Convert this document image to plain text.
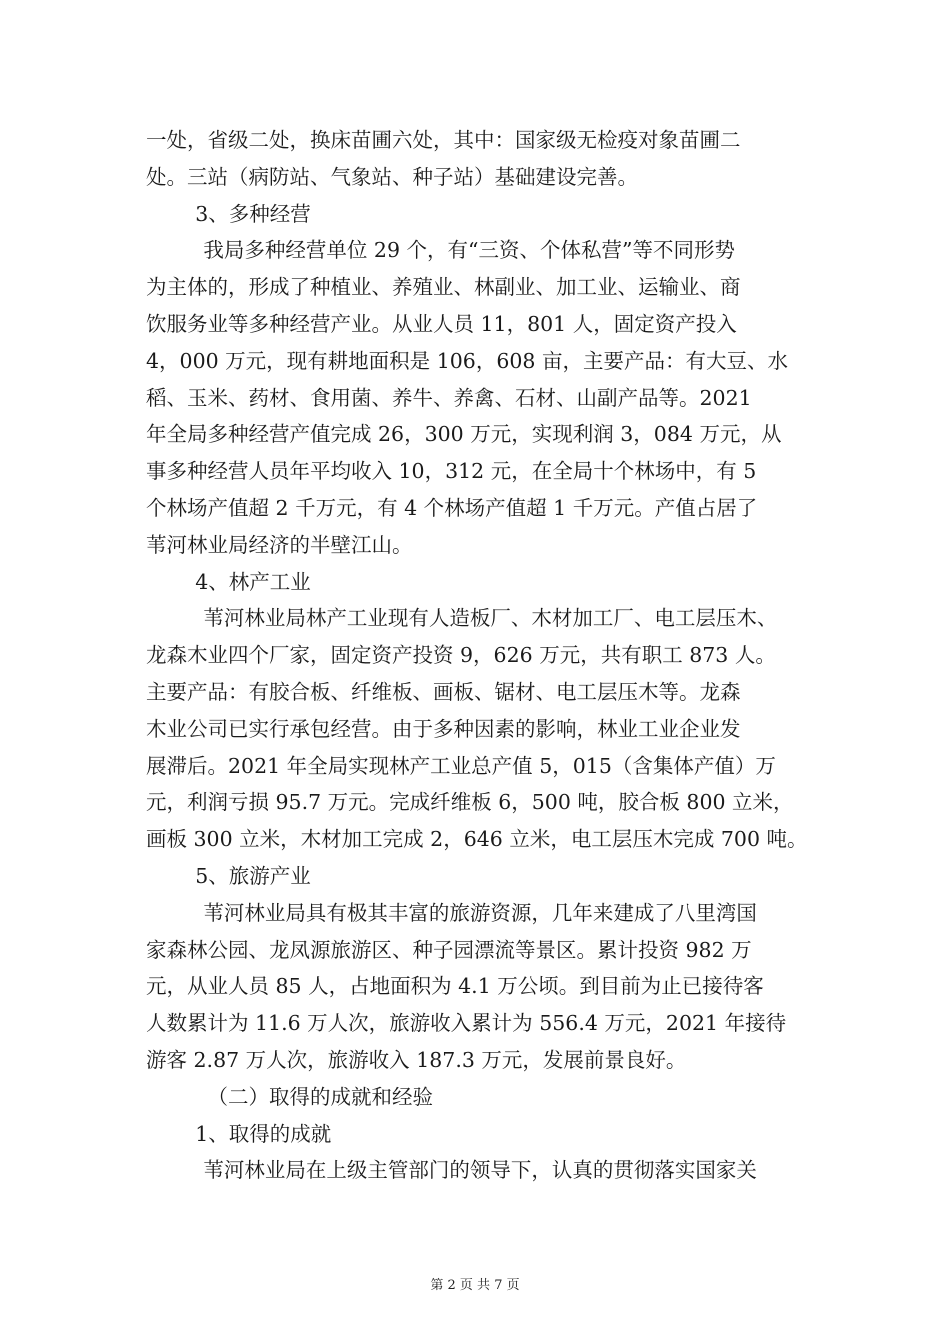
一处，省级二处，换床苗圃六处，其中：国家级无检疫对象苗圃二
处。三站（病防站、气象站、种子站）基础建设完善。
3、多种经营
我局多种经营单位 29 个，有“三资、个体私营”等不同形势
为主体的，形成了种植业、养殖业、林副业、加工业、运输业、商
饮服务业等多种经营产业。从业人员 11，801 人，固定资产投入
4，000 万元，现有耕地面积是 106，608 亩，主要产品：有大豆、水
稻、玉米、药材、食用菌、养牛、养禽、石材、山副产品等。2021
年全局多种经营产值完成 26，300 万元，实现利润 3，084 万元，从
事多种经营人员年平均收入 10，312 元，在全局十个林场中，有 5
个林场产值超 2 千万元，有 4 个林场产值超 1 千万元。产值占居了
苇河林业局经济的半壁江山。
4、林产工业
苇河林业局林产工业现有人造板厂、木材加工厂、电工层压木、
龙森木业四个厂家，固定资产投资 9，626 万元，共有职工 873 人。
主要产品：有胶合板、纤维板、画板、锯材、电工层压木等。龙森
木业公司已实行承包经营。由于多种因素的影响，林业工业企业发
展滞后。2021 年全局实现林产工业总产值 5，015（含集体产值）万
元，利润亏损 95.7 万元。完成纤维板 6，500 吨，胶合板 800 立米，
画板 300 立米，木材加工完成 2，646 立米，电工层压木完成 700 吨。
5、旅游产业
苇河林业局具有极其丰富的旅游资源，几年来建成了八里湾国
家森林公园、龙凤源旅游区、种子园漂流等景区。累计投资 982 万
元，从业人员 85 人，占地面积为 4.1 万公顷。到目前为止已接待客
人数累计为 11.6 万人次，旅游收入累计为 556.4 万元，2021 年接待
游客 2.87 万人次，旅游收入 187.3 万元，发展前景良好。
（二）取得的成就和经验
1、取得的成就
苇河林业局在上级主管部门的领导下，认真的贯彻落实国家关
第 2 页 共 7 页
